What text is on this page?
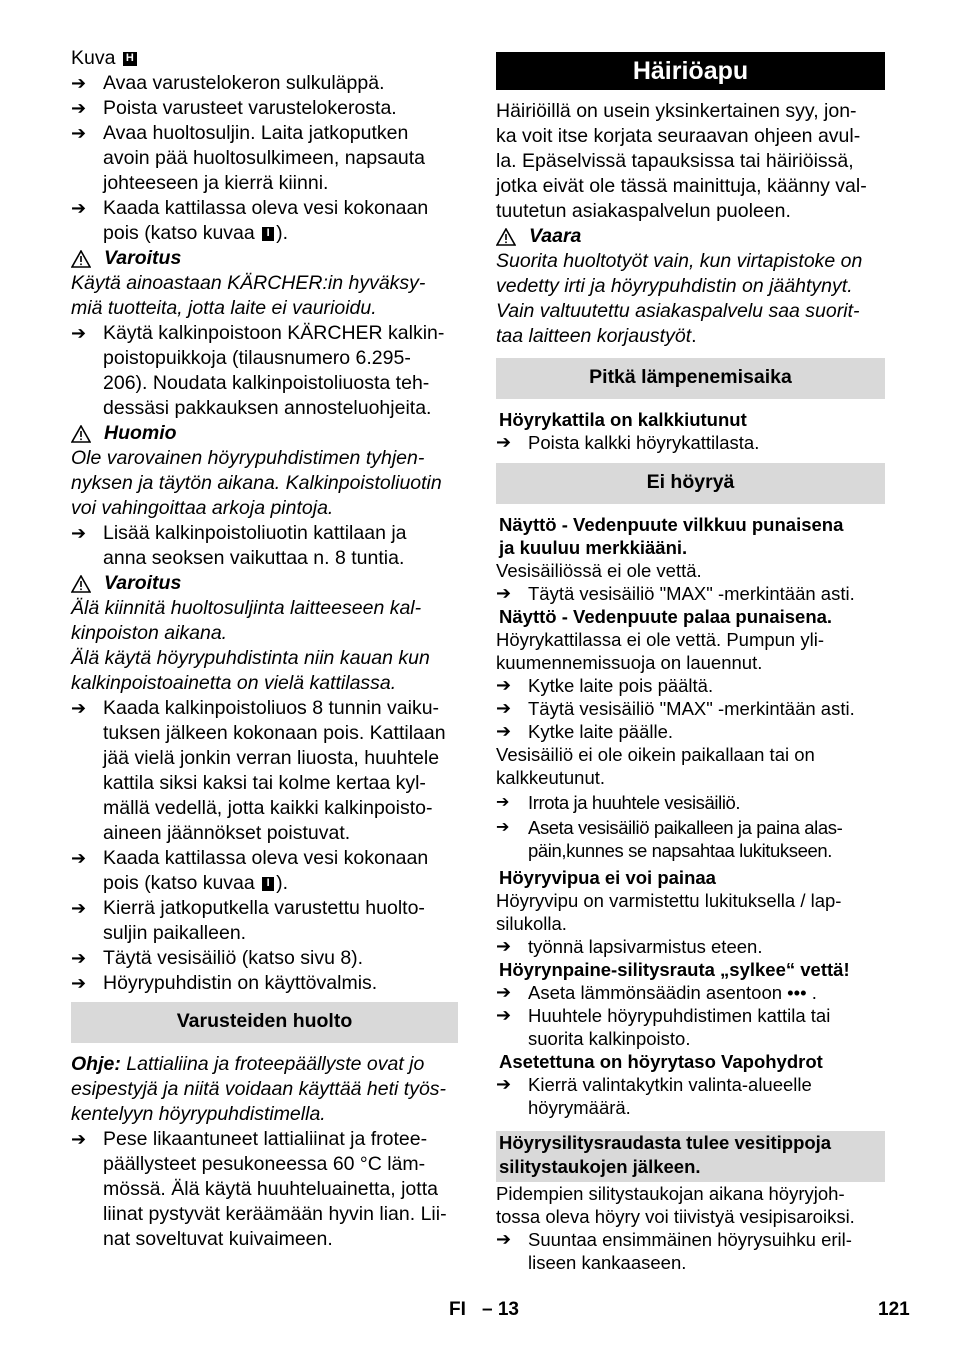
Kuva H

➔ Avaa varustelokeron sulkuläppä.
➔ Poista varusteet varustelokerosta.
➔ Avaa huoltosuljin. Laita jatkoputken
avoin pää huoltosulkimeen, napsauta
johteeseen ja kierrä kiinni.
➔ Kaada kattilassa oleva vesi kokonaan
pois (katso kuvaa I ).
Varoitus

Käytä ainoastaan KÄRCHER:in hyväksy-
miä tuotteita, jotta laite ei vaurioidu.

➔ Käytä kalkinpoistoon KÄRCHER kalkin-
poistopuikkoja (tilausnumero 6.295-
206). Noudata kalkinpoistoliuosta teh-
dessäsi pakkauksen annosteluohjeita.
Huomio

Ole varovainen höyrypuhdistimen tyhjen-
nyksen ja täytön aikana. Kalkinpoistoliuotin
voi vahingoittaa arkoja pintoja.

➔ Lisää kalkinpoistoliuotin kattilaan ja
anna seoksen vaikuttaa n. 8 tuntia.
Varoitus

Älä kiinnitä huoltosuljinta laitteeseen kal-
kinpoiston aikana.
Älä käytä höyrypuhdistinta niin kauan kun
kalkinpoistoainetta on vielä kattilassa.

➔ Kaada kalkinpoistoliuos 8 tunnin vaiku-
tuksen jälkeen kokonaan pois. Kattilaan
jää vielä jonkin verran liuosta, huuhtele
kattila siksi kaksi tai kolme kertaa kyl-
mällä vedellä, jotta kaikki kalkinpoisto-
aineen jäännökset poistuvat.
➔ Kaada kattilassa oleva vesi kokonaan
pois (katso kuvaa I ).
➔ Kierrä jatkoputkella varustettu huolto-
suljin paikalleen.
➔ Täytä vesisäiliö (katso sivu 8).
➔ Höyrypuhdistin on käyttövalmis.
Varusteiden huolto

Ohje: Lattialiina ja froteepäällyste ovat jo
esipestyjä ja niitä voidaan käyttää heti työs-
kentelyyn höyrypuhdistimella.

➔ Pese likaantuneet lattialiinat ja frotee-
päällysteet pesukoneessa 60 °C läm-
mössä. Älä käytä huuhteluainetta, jotta
liinat pystyvät keräämään hyvin lian. Lii-
nat soveltuvat kuivaimeen.
Häiriöapu

Häiriöillä on usein yksinkertainen syy, jon-
ka voit itse korjata seuraavan ohjeen avul-
la. Epäselvissä tapauksissa tai häiriöissä,
jotka eivät ole tässä mainittuja, käänny val-
tuutetun asiakaspalvelun puoleen.

Vaara

Suorita huoltotyöt vain, kun virtapistoke on
vedetty irti ja höyrypuhdistin on jäähtynyt.
Vain valtuutettu asiakaspalvelu saa suorit-
taa laitteen korjaustyöt.

Pitkä lämpenemisaika

Höyrykattila on kalkkiutunut

➔ Poista kalkki höyrykattilasta.
Ei höyryä

Näyttö - Vedenpuute vilkkuu punaisena
ja kuuluu merkkiääni.

Vesisäiliössä ei ole vettä.

➔ Täytä vesisäiliö "MAX" -merkintään asti.

Näyttö - Vedenpuute palaa punaisena.

Höyrykattilassa ei ole vettä. Pumpun yli-
kuumennemissuoja on lauennut.

➔ Kytke laite pois päältä.
➔ Täytä vesisäiliö "MAX" -merkintään asti.
➔ Kytke laite päälle.

Vesisäiliö ei ole oikein paikallaan tai on
kalkkeutunut.

➔	Irrota ja huuhtele vesisäiliö.
➔	Aseta vesisäiliö paikalleen ja paina alas-
päin,kunnes se napsahtaa lukitukseen.

Höyryvipua ei voi painaa

Höyryvipu on varmistettu lukituksella / lap-
silukolla.

➔ työnnä lapsivarmistus eteen.

Höyrynpaine-silitysrauta „sylkee“ vettä!

➔ Aseta lämmönsäädin asentoon ••• .
➔ Huuhtele höyrypuhdistimen kattila tai
suorita kalkinpoisto.

Asetettuna on höyrytaso Vapohydrot

➔ Kierrä valintakytkin valinta-alueelle
höyrymäärä.
Höyrysilitysraudasta tulee vesitippoja
silitystaukojen jälkeen.

Pidempien silitystaukojan aikana höyryjoh-
tossa oleva höyry voi tiivistyä vesipisaroiksi.

➔ Suuntaa ensimmäinen höyrysuihku eril-
liseen kankaaseen.
FI – 13	121
